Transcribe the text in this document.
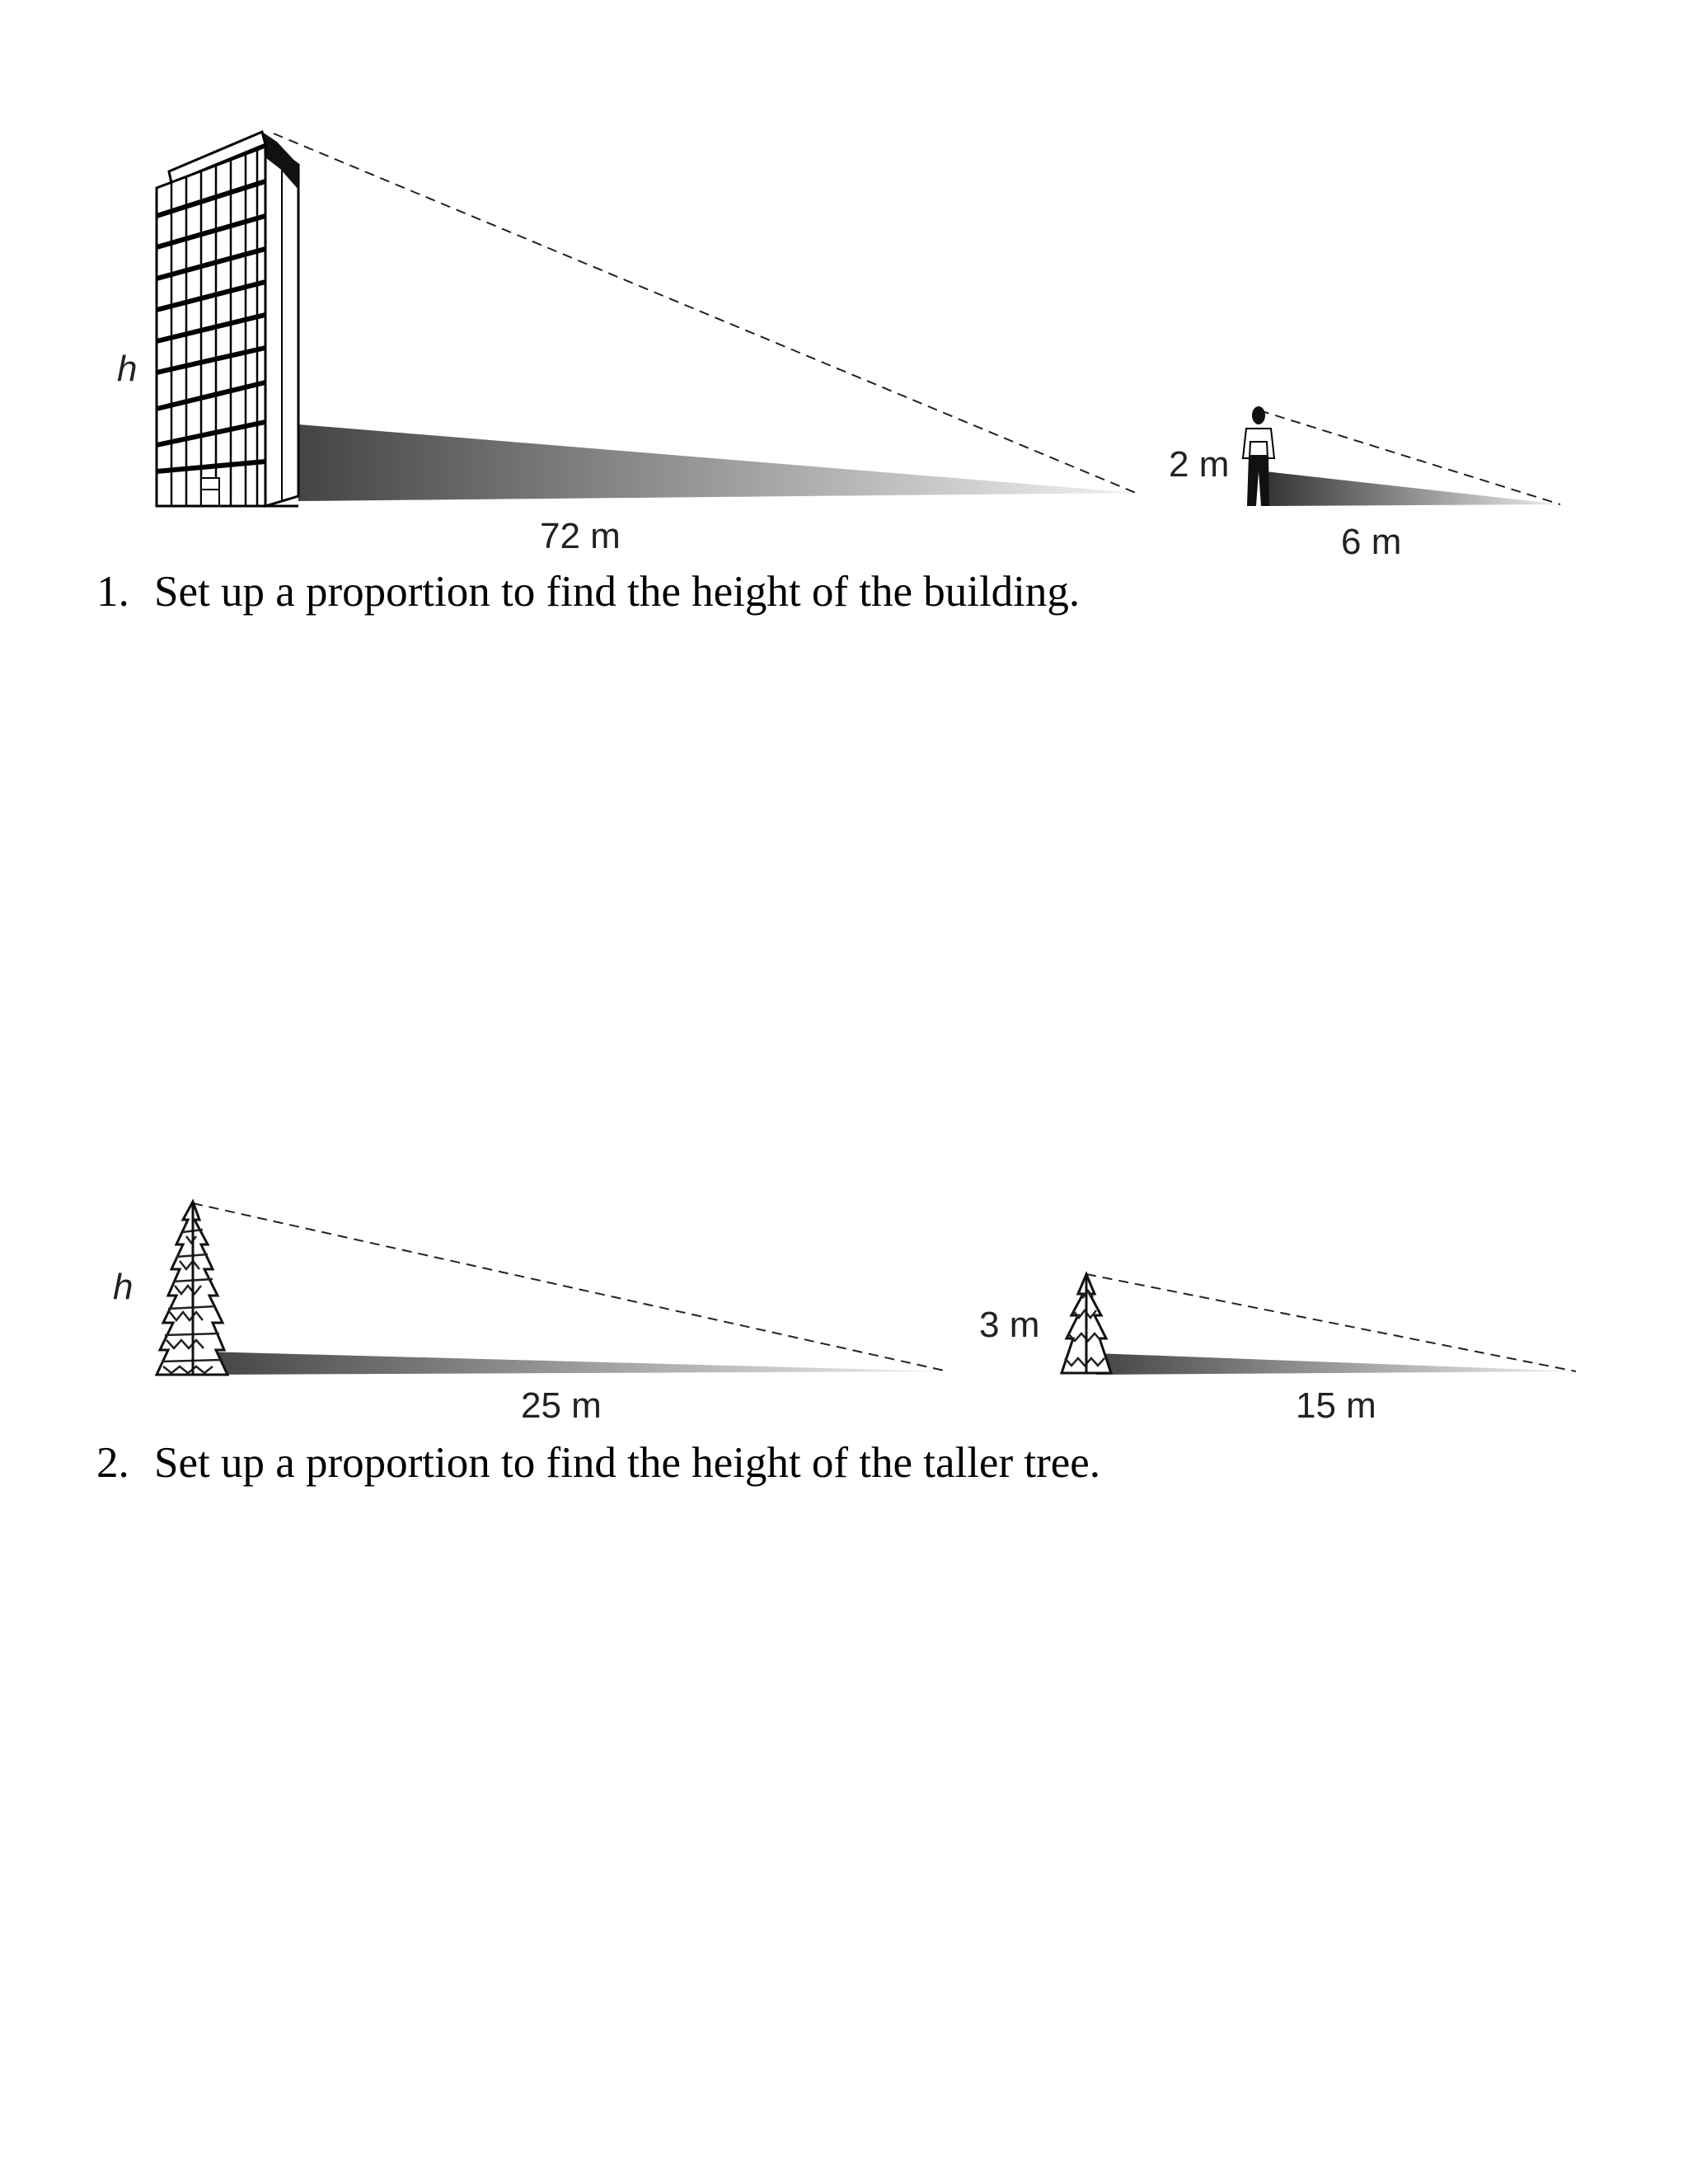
h
72 m
2 m
6 m

1. Set up a proportion to find the height of the building.

h
25 m
3 m
15 m

2. Set up a proportion to find the height of the taller tree.
